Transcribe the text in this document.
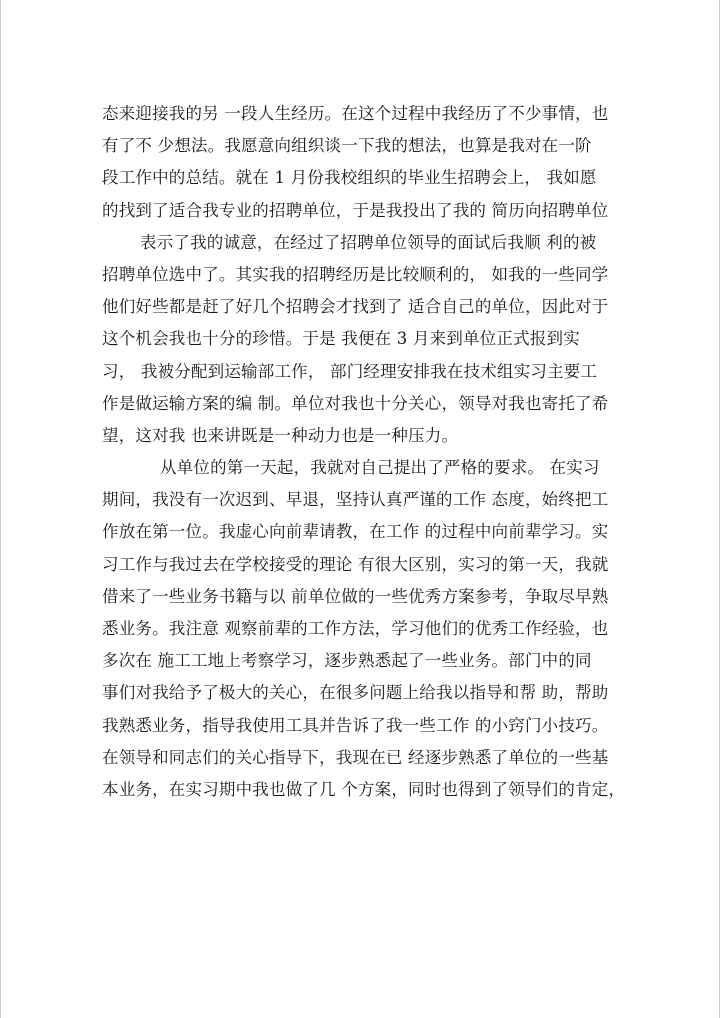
态来迎接我的另 一段人生经历。在这个过程中我经历了不少事情，也
有了不 少想法。我愿意向组织谈一下我的想法，也算是我对在一阶
段工作中的总结。就在 1 月份我校组织的毕业生招聘会上， 我如愿
的找到了适合我专业的招聘单位，于是我投出了我的 简历向招聘单位
表示了我的诚意，在经过了招聘单位领导的面试后我顺 利的被
招聘单位选中了。其实我的招聘经历是比较顺利的， 如我的一些同学
他们好些都是赶了好几个招聘会才找到了 适合自己的单位，因此对于
这个机会我也十分的珍惜。于是 我便在 3 月来到单位正式报到实
习， 我被分配到运输部工作， 部门经理安排我在技术组实习主要工
作是做运输方案的编 制。单位对我也十分关心，领导对我也寄托了希
望，这对我 也来讲既是一种动力也是一种压力。
从单位的第一天起，我就对自己提出了严格的要求。 在实习
期间，我没有一次迟到、早退，坚持认真严谨的工作 态度，始终把工
作放在第一位。我虚心向前辈请教，在工作 的过程中向前辈学习。实
习工作与我过去在学校接受的理论 有很大区别，实习的第一天，我就
借来了一些业务书籍与以 前单位做的一些优秀方案参考，争取尽早熟
悉业务。我注意 观察前辈的工作方法，学习他们的优秀工作经验，也
多次在 施工工地上考察学习，逐步熟悉起了一些业务。部门中的同
事们对我给予了极大的关心，在很多问题上给我以指导和帮 助，帮助
我熟悉业务，指导我使用工具并告诉了我一些工作 的小窍门小技巧。
在领导和同志们的关心指导下，我现在已 经逐步熟悉了单位的一些基
本业务，在实习期中我也做了几 个方案，同时也得到了领导们的肯定，
